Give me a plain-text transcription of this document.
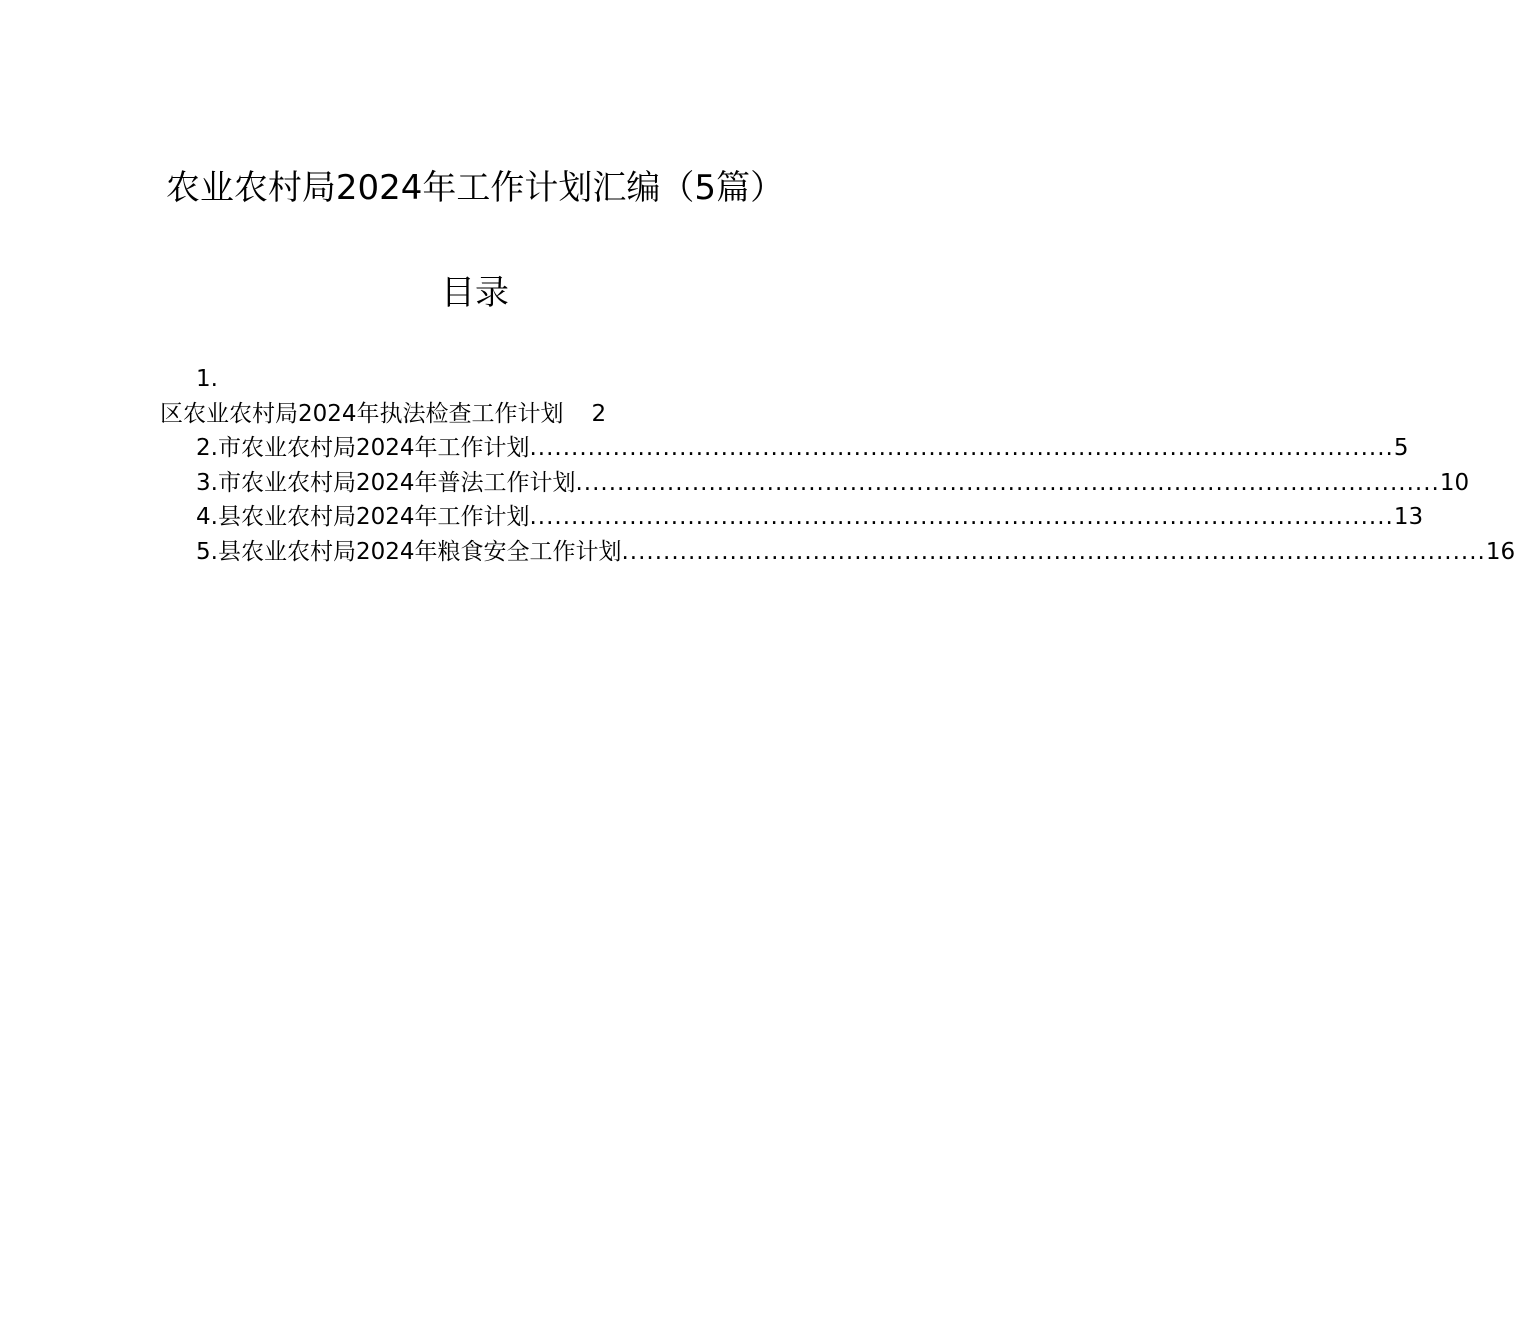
农业农村局2024年工作计划汇编（5篇）
目录
1.
区农业农村局2024年执法检查工作计划 2
2.市农业农村局2024年工作计划 ........................................................................................................ 5
3.市农业农村局2024年普法工作计划 ........................................................................................................ 10
4.县农业农村局2024年工作计划 ........................................................................................................ 13
5.县农业农村局2024年粮食安全工作计划 ........................................................................................................ 16
